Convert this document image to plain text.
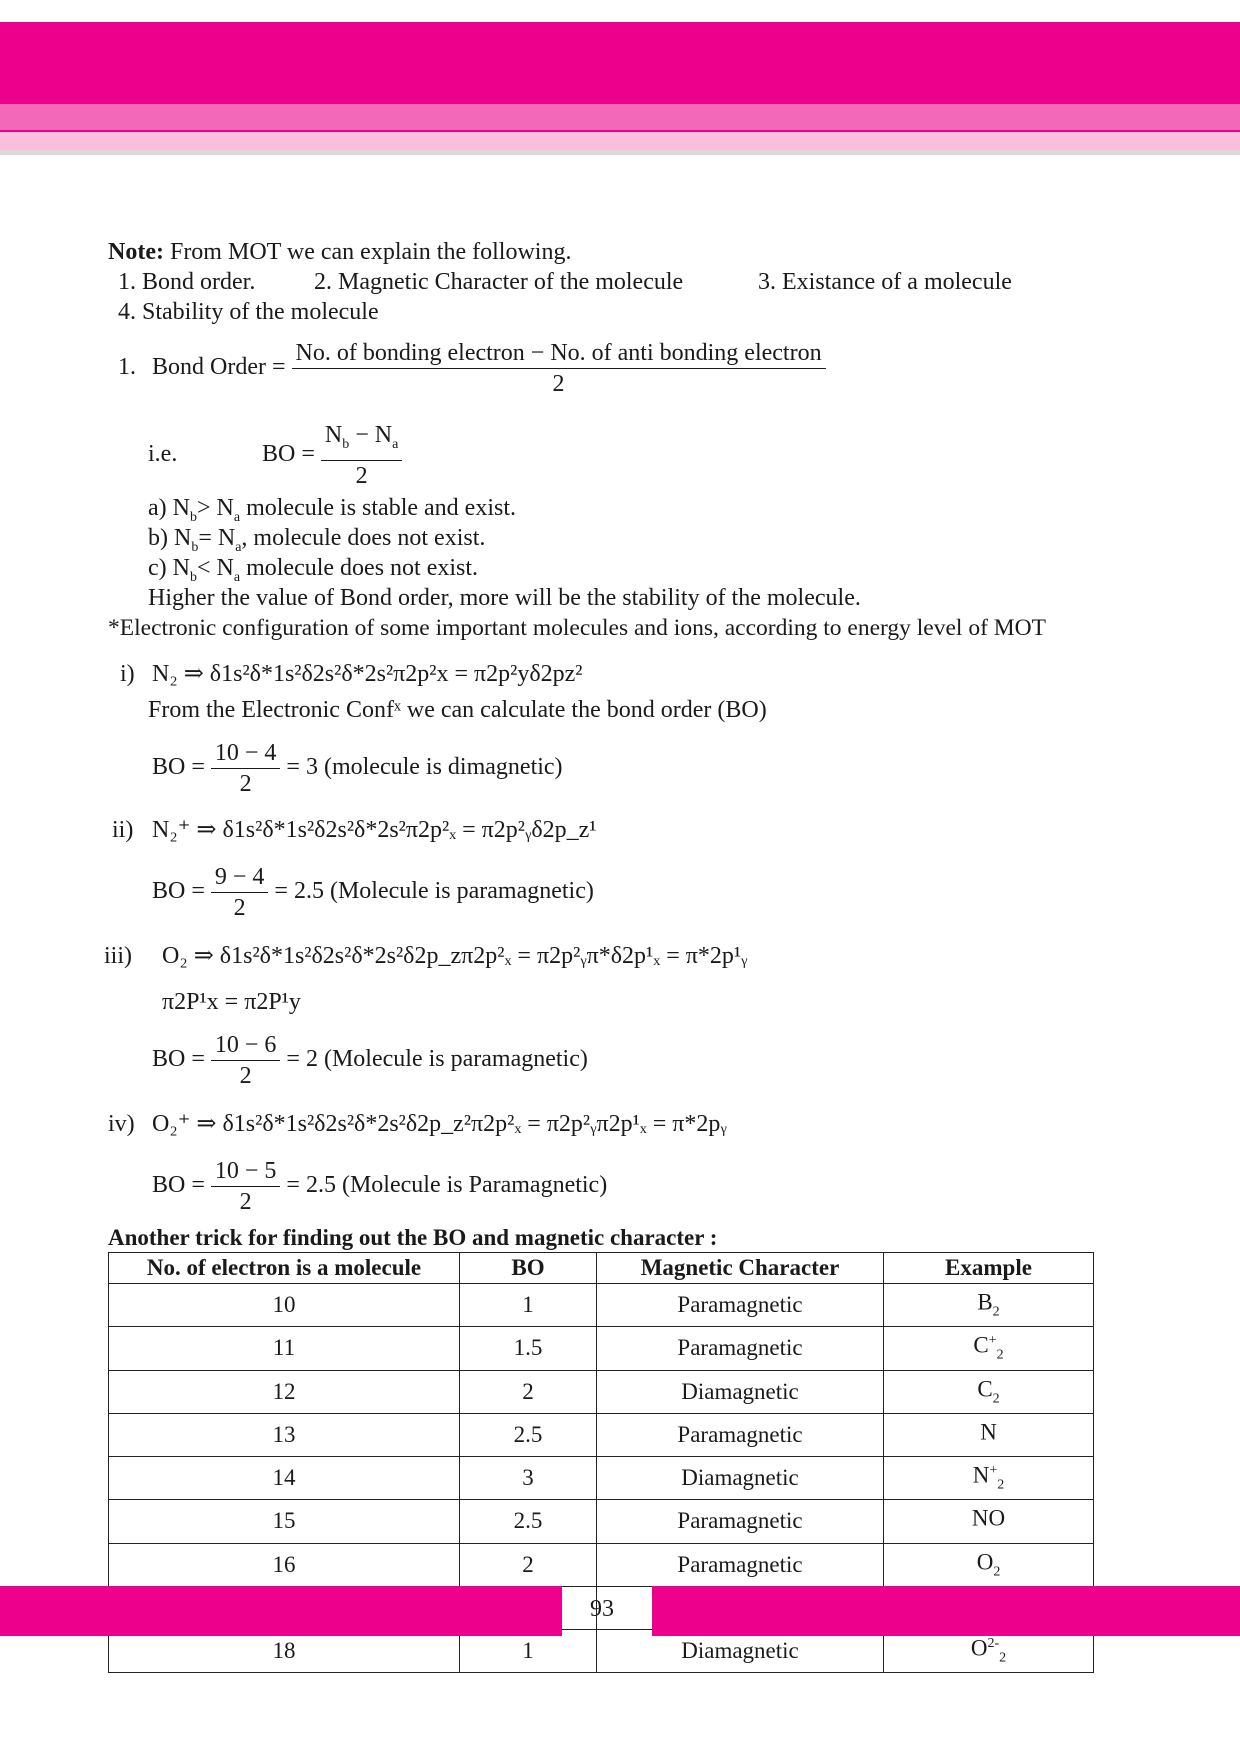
Note: From MOT we can explain the following.
1. Bond order. 2. Magnetic Character of the molecule	3. Existance of a molecule
4. Stability of the molecule
1. Bond Order = $\frac{\text{No. of bonding electron − No. of anti bonding electron}}{2}$
i.e.	BO = $\frac{N_b - N_a}{2}$
a) $N_b> N_a$ molecule is stable and exist.
b) $N_b= N_a$, molecule does not exist.
c) $N_b< N_a$ molecule does not exist.
Higher the value of Bond order, more will be the stability of the molecule.
*Electronic configuration of some important molecules and ions, according to energy level of MOT
i) N₂ ⇒ δ1s²δ*1s²δ2s²δ*2s²π2p²x = π2p²yδ2pz²
From the Electronic Confˣ we can calculate the bond order (BO)
BO = $\frac{10 - 4}{2} = 3$ (molecule is dimagnetic)
ii) N₂⁺ ⇒ δ1s²δ*1s²δ2s²δ*2s²π2p²ₓ = π2p²ᵧδ2p_z¹
BO = $\frac{9 - 4}{2} = 2.5$ (Molecule is paramagnetic)
iii) O₂ ⇒ δ1s²δ*1s²δ2s²δ*2s²δ2p_zπ2p²ₓ = π2p²ᵧπ*δ2p¹ₓ = π*2p¹ᵧ
π2P¹x = π2P¹y
BO = $\frac{10 - 6}{2} = 2$ (Molecule is paramagnetic)
iv) O₂⁺ ⇒ δ1s²δ*1s²δ2s²δ*2s²δ2p_z²π2p²ₓ = π2p²ᵧπ2p¹ₓ = π*2pᵧ
BO = $\frac{10 - 5}{2} = 2.5$ (Molecule is Paramagnetic)
Another trick for finding out the BO and magnetic character :
No. of electron is a molecule	BO	Magnetic Character	Example
10	1	Paramagnetic	$B_2$
11	1.5	Paramagnetic	$C^+_2$
12	2	Diamagnetic	$C_2$
13	2.5	Paramagnetic	N
14	3	Diamagnetic	$N^+_2$
15	2.5	Paramagnetic	NO
16	2	Paramagnetic	$O_2$

18	1	Diamagnetic	$O^{2-}_2$
93
